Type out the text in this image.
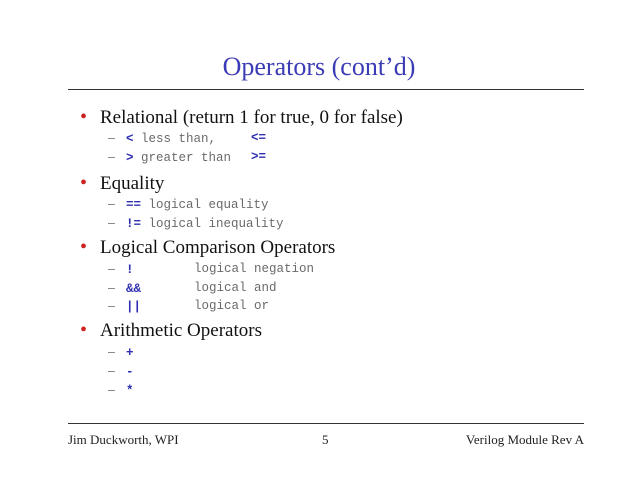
Operators (cont’d)
• Relational (return 1 for true, 0 for false)
– < less than,	<=
– > greater than >=
• Equality
– == logical equality
– != logical inequality
• Logical Comparison Operators
– !	logical negation
– &&	logical and
– ||	logical or
• Arithmetic Operators
– +
– -
– *
Jim Duckworth, WPI	5	Verilog Module Rev A
